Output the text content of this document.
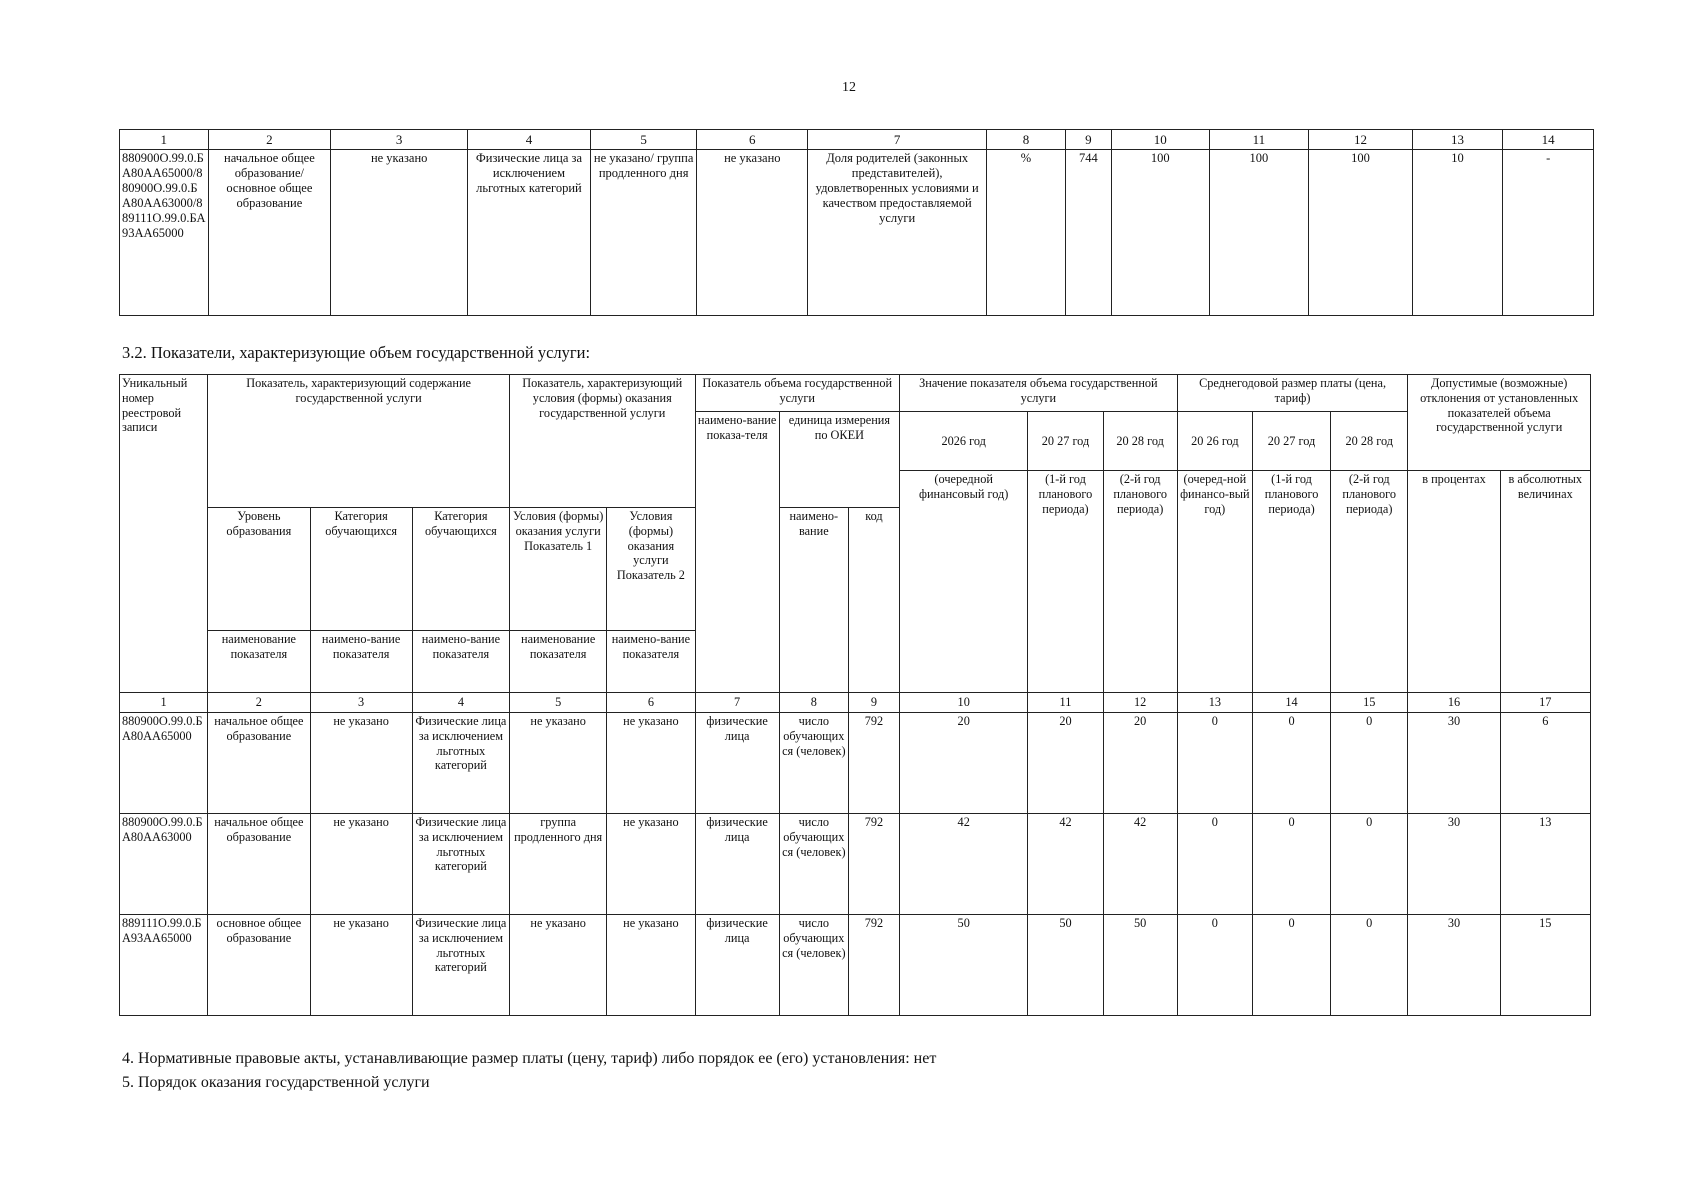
12
1	2	3	4	5	6	7	8	9	10	11	12	13	14
880900О.99.0.БА80АА65000/880900О.99.0.БА80АА63000/889111О.99.0.БА93АА65000	начальное общее образование/ основное общее образование	не указано	Физические лица за исключением льготных категорий	не указано/ группа продленного дня	не указано	Доля родителей (законных представителей), удовлетворенных условиями и качеством предоставляемой услуги	%	744	100	100	100	10	-
3.2. Показатели, характеризующие объем государственной услуги:
Уникальный номер реестровой записи	Показатель, характеризующий содержание государственной услуги			Показатель, характеризующий условия (формы) оказания государственной услуги		Показатель объема государственной услуги			Значение показателя объема государственной услуги			Среднегодовой размер платы (цена, тариф)			Допустимые (возможные) отклонения от установленных показателей объема государственной услуги	
						наимено-вание показа-теля	единица измерения по ОКЕИ		2026 год	20 27 год	20 28 год	20 26 год	20 27 год	20 28 год		
									(очередной финансовый год)	(1-й год планового периода)	(2-й год планового периода)	(очеред-ной финансо-вый год)	(1-й год планового периода)	(2-й год планового периода)	в процентах	в абсолютных величинах
	Уровень образования	Категория обучающихся	Категория обучающихся	Условия (формы) оказания услуги Показатель 1	Условия (формы) оказания услуги Показатель 2		наимено-вание	код								
	наименование показателя	наимено-вание показателя	наимено-вание показателя	наименование показателя	наимено-вание показателя											
1	2	3	4	5	6	7	8	9	10	11	12	13	14	15	16	17
880900О.99.0.БА80АА65000	начальное общее образование	не указано	Физические лица за исключением льготных категорий	не указано	не указано	физические лица	число обучающихся (человек)	792	20	20	20	0	0	0	30	6
880900О.99.0.БА80АА63000	начальное общее образование	не указано	Физические лица за исключением льготных категорий	группа продленного дня	не указано	физические лица	число обучающихся (человек)	792	42	42	42	0	0	0	30	13
889111О.99.0.БА93АА65000	основное общее образование	не указано	Физические лица за исключением льготных категорий	не указано	не указано	физические лица	число обучающихся (человек)	792	50	50	50	0	0	0	30	15
4. Нормативные правовые акты, устанавливающие размер платы (цену, тариф) либо порядок ее (его) установления: нет
5. Порядок оказания государственной услуги
